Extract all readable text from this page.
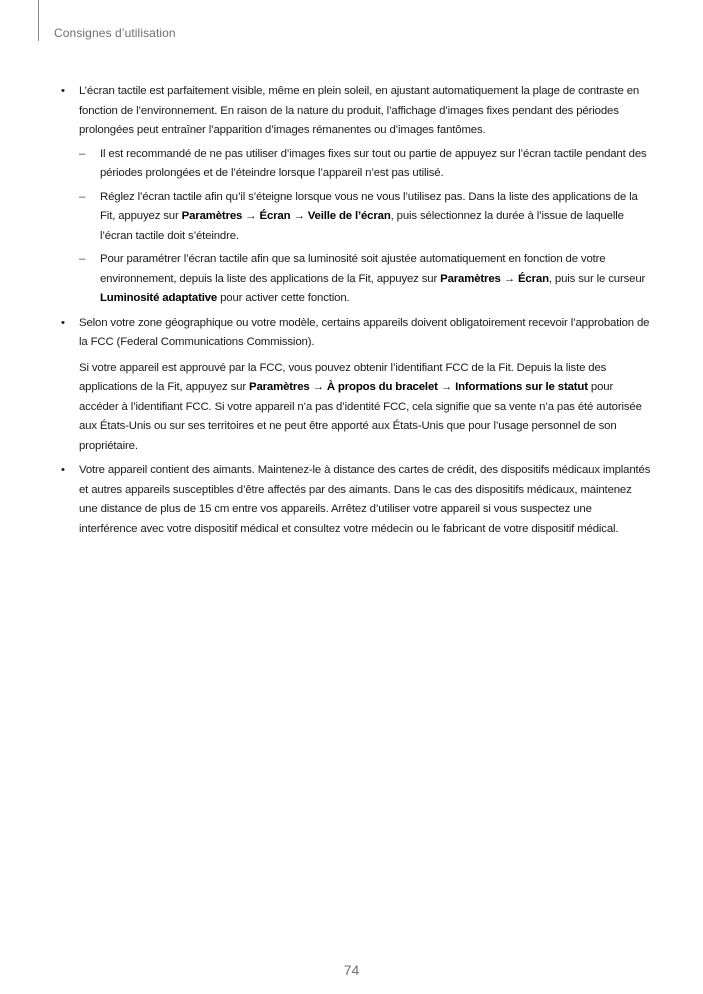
Consignes d’utilisation
•	L’écran tactile est parfaitement visible, même en plein soleil, en ajustant automatiquement la plage de contraste en fonction de l’environnement. En raison de la nature du produit, l’affichage d’images fixes pendant des périodes prolongées peut entraîner l’apparition d’images rémanentes ou d’images fantômes.

– Il est recommandé de ne pas utiliser d’images fixes sur tout ou partie de appuyez sur l’écran tactile pendant des périodes prolongées et de l’éteindre lorsque l’appareil n’est pas utilisé.

– Réglez l’écran tactile afin qu’il s’éteigne lorsque vous ne vous l’utilisez pas. Dans la liste des applications de la Fit, appuyez sur Paramètres → Écran → Veille de l’écran, puis sélectionnez la durée à l’issue de laquelle l’écran tactile doit s’éteindre.

– Pour paramétrer l’écran tactile afin que sa luminosité soit ajustée automatiquement en fonction de votre environnement, depuis la liste des applications de la Fit, appuyez sur Paramètres → Écran, puis sur le curseur Luminosité adaptative pour activer cette fonction.

•	Selon votre zone géographique ou votre modèle, certains appareils doivent obligatoirement recevoir l’approbation de la FCC (Federal Communications Commission).

Si votre appareil est approuvé par la FCC, vous pouvez obtenir l’identifiant FCC de la Fit. Depuis la liste des applications de la Fit, appuyez sur Paramètres → À propos du bracelet → Informations sur le statut pour accéder à l’identifiant FCC. Si votre appareil n’a pas d’identité FCC, cela signifie que sa vente n’a pas été autorisée aux États-Unis ou sur ses territoires et ne peut être apporté aux États-Unis que pour l’usage personnel de son propriétaire.

•	Votre appareil contient des aimants. Maintenez-le à distance des cartes de crédit, des dispositifs médicaux implantés et autres appareils susceptibles d’être affectés par des aimants. Dans le cas des dispositifs médicaux, maintenez une distance de plus de 15 cm entre vos appareils. Arrêtez d’utiliser votre appareil si vous suspectez une interférence avec votre dispositif médical et consultez votre médecin ou le fabricant de votre dispositif médical.

74
